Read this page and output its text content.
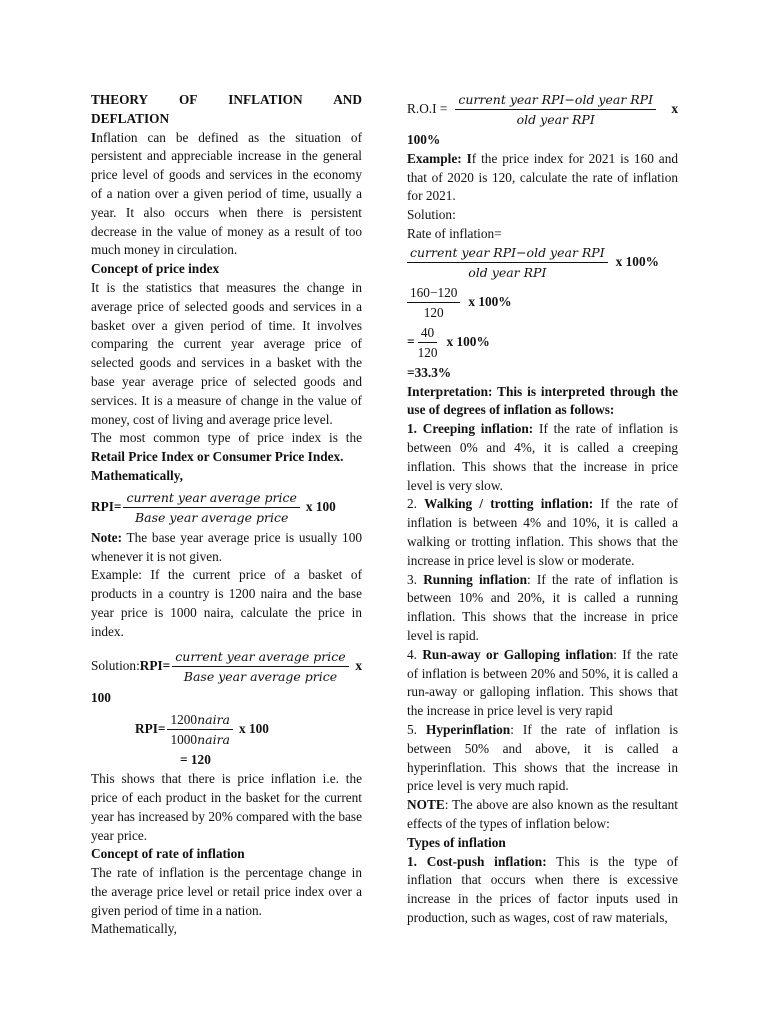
THEORY OF INFLATION AND

DEFLATION

Inflation can be defined as the situation of persistent and appreciable increase in the general price level of goods and services in the economy of a nation over a given period of time, usually a year. It also occurs when there is persistent decrease in the value of money as a result of too much money in circulation.

Concept of price index

It is the statistics that measures the change in average price of selected goods and services in a basket over a given period of time. It involves comparing the current year average price of selected goods and services in a basket with the base year average price of selected goods and services. It is a measure of change in the value of money, cost of living and average price level.

The most common type of price index is the Retail Price Index or Consumer Price Index.

Mathematically,

$RPI= \frac{\text{current year average price}}{\text{Base year average price}}$ x 100

Note: The base year average price is usually 100 whenever it is not given.

Example: If the current price of a basket of products in a country is 1200 naira and the base year price is 1000 naira, calculate the price in index.

Solution: $RPI= \frac{\text{current year average price}}{\text{Base year average price}}$ x

100

$RPI= \frac{\text{1200naira}}{\text{1000naira}}$ x 100

= 120

This shows that there is price inflation i.e. the price of each product in the basket for the current year has increased by 20% compared with the base year price.

Concept of rate of inflation

The rate of inflation is the percentage change in the average price level or retail price index over a given period of time in a nation.

Mathematically,

$R.O.I = \frac{\text{current year RPI−old year RPI}}{\text{old year RPI}}$ x

100%

Example: If the price index for 2021 is 160 and that of 2020 is 120, calculate the rate of inflation for 2021.

Solution:

Rate of inflation=

$\frac{\text{current year RPI−old year RPI}}{\text{old year RPI}}$ x 100%
$\frac{160-120}{120}$ x 100%
= $\frac{40}{120}$ x 100%

=33.3%

Interpretation: This is interpreted through the use of degrees of inflation as follows:

1. Creeping inflation: If the rate of inflation is between 0% and 4%, it is called a creeping inflation. This shows that the increase in price level is very slow.

2. Walking / trotting inflation: If the rate of inflation is between 4% and 10%, it is called a walking or trotting inflation. This shows that the increase in price level is slow or moderate.

3. Running inflation: If the rate of inflation is between 10% and 20%, it is called a running inflation. This shows that the increase in price level is rapid.

4. Run-away or Galloping inflation: If the rate of inflation is between 20% and 50%, it is called a run-away or galloping inflation. This shows that the increase in price level is very rapid

5. Hyperinflation: If the rate of inflation is between 50% and above, it is called a hyperinflation. This shows that the increase in price level is very much rapid.

NOTE: The above are also known as the resultant effects of the types of inflation below:

Types of inflation

1. Cost-push inflation: This is the type of inflation that occurs when there is excessive increase in the prices of factor inputs used in production, such as wages, cost of raw materials,
